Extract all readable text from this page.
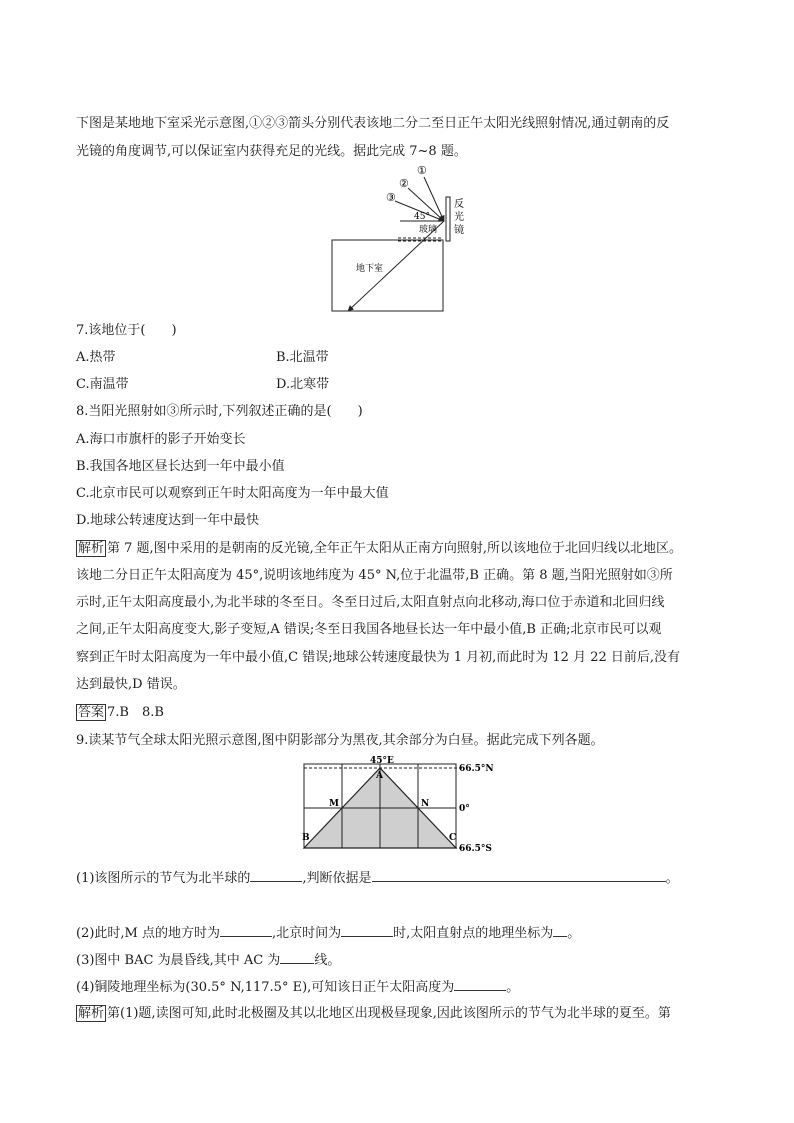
下图是某地地下室采光示意图,①②③箭头分别代表该地二分二至日正午太阳光线照射情况,通过朝南的反
光镜的角度调节,可以保证室内获得充足的光线。据此完成 7~8 题。
①
②
③
45°
玻璃
反
光
镜
地下室
7.该地位于(　　)
A.热带	B.北温带
C.南温带	D.北寒带
8.当阳光照射如③所示时,下列叙述正确的是(　　)
A.海口市旗杆的影子开始变长
B.我国各地区昼长达到一年中最小值
C.北京市民可以观察到正午时太阳高度为一年中最大值
D.地球公转速度达到一年中最快
解析 第 7 题,图中采用的是朝南的反光镜,全年正午太阳从正南方向照射,所以该地位于北回归线以北地区。
该地二分日正午太阳高度为 45°,说明该地纬度为 45° N,位于北温带,B 正确。第 8 题,当阳光照射如③所
示时,正午太阳高度最小,为北半球的冬至日。冬至日过后,太阳直射点向北移动,海口位于赤道和北回归线
之间,正午太阳高度变大,影子变短,A 错误;冬至日我国各地昼长达一年中最小值,B 正确;北京市民可以观
察到正午时太阳高度为一年中最小值,C 错误;地球公转速度最快为 1 月初,而此时为 12 月 22 日前后,没有
达到最快,D 错误。
答案 7.B　8.B
9.读某节气全球太阳光照示意图,图中阴影部分为黑夜,其余部分为白昼。据此完成下列各题。
45°E
A
M	N
B	C
66.5°N
0°
66.5°S
(1)该图所示的节气为北半球的	,判断依据是	。
(2)此时,M 点的地方时为	,北京时间为	时,太阳直射点的地理坐标为 。
(3)图中 BAC 为晨昏线,其中 AC 为	线。
(4)铜陵地理坐标为(30.5° N,117.5° E),可知该日正午太阳高度为	。
解析 第(1)题,读图可知,此时北极圈及其以北地区出现极昼现象,因此该图所示的节气为北半球的夏至。第
